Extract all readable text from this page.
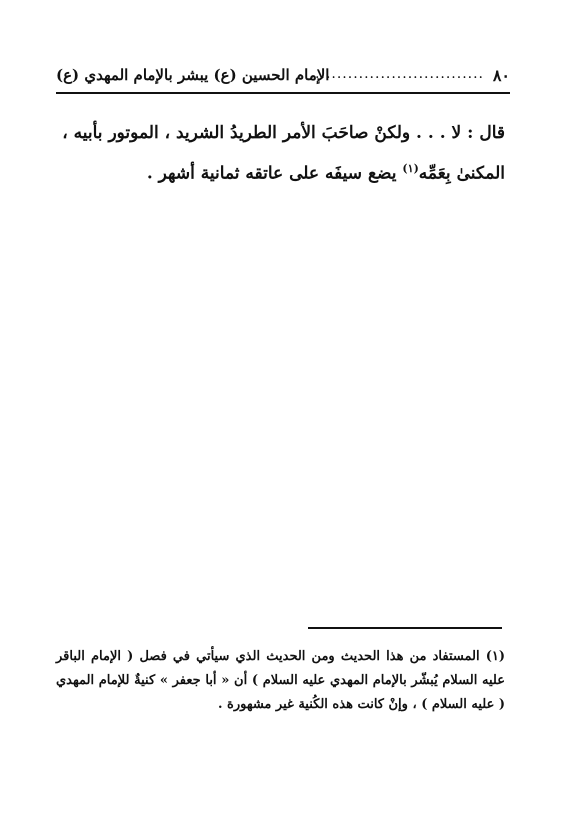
٨٠
................................
الإمام الحسين (ع) يبشر بالإمام المهدي (ع)
قال : لا . . . ولكنْ صاحَبَ الأمر الطريدُ الشريد ، الموتور بأبيه ،
المكنىٰ بِعَمِّه$^{(١)}$ يضع سيفَه على عاتقه ثمانية أشهر .
(١) المستفاد من هذا الحديث ومن الحديث الذي سيأتي في فصل ( الإمام الباقر عليه السلام يُبشّر بالإمام المهدي عليه السلام ) أن « أبا جعفر » كنيةٌ للإمام المهدي ( عليه السلام ) ، وإنْ كانت هذه الكُنية غير مشهورة .
